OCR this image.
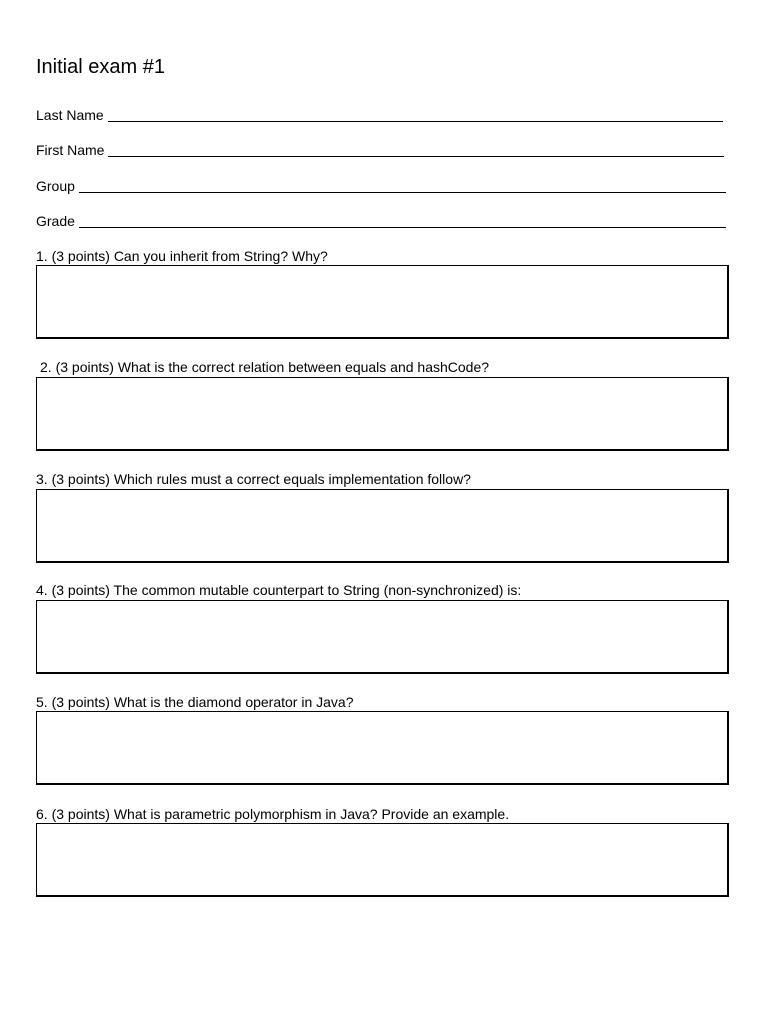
Initial exam #1
Last Name
First Name
Group
Grade
1. (3 points) Can you inherit from String? Why?
2. (3 points) What is the correct relation between equals and hashCode?
3. (3 points) Which rules must a correct equals implementation follow?
4. (3 points) The common mutable counterpart to String (non-synchronized) is:
5. (3 points) What is the diamond operator in Java?
6. (3 points) What is parametric polymorphism in Java? Provide an example.
